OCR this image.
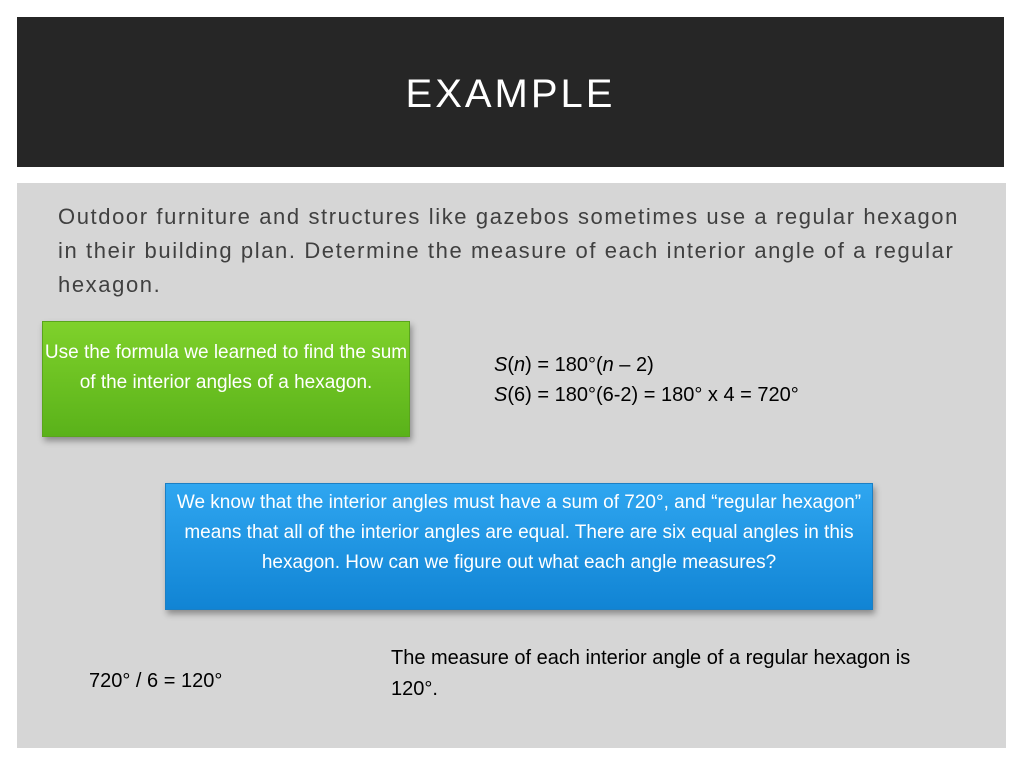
EXAMPLE

Outdoor furniture and structures like gazebos sometimes use a regular hexagon in their building plan. Determine the measure of each interior angle of a regular hexagon.

Use the formula we learned to find the sum of the interior angles of a hexagon.

S(n) = 180°(n – 2)
S(6) = 180°(6-2) = 180° x 4 = 720°

We know that the interior angles must have a sum of 720°, and “regular hexagon” means that all of the interior angles are equal. There are six equal angles in this hexagon. How can we figure out what each angle measures?

720° / 6 = 120°
The measure of each interior angle of a regular hexagon is 120°.
